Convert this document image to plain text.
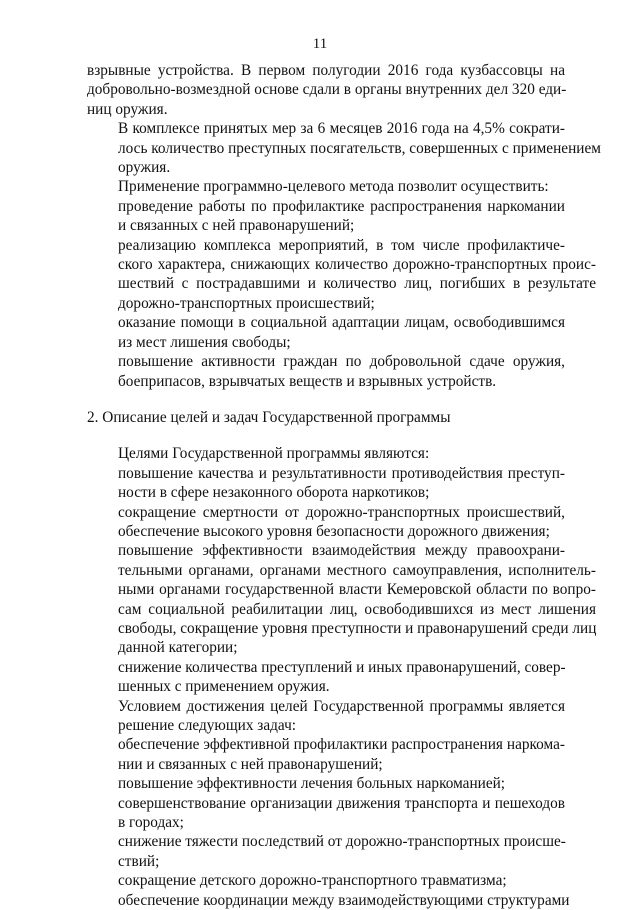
11
взрывные устройства. В первом полугодии 2016 года кузбассовцы на
добровольно-возмездной основе сдали в органы внутренних дел 320 еди-
ниц оружия.
В комплексе принятых мер за 6 месяцев 2016 года на 4,5% сократи-
лось количество преступных посягательств, совершенных с применением
оружия.
Применение программно-целевого метода позволит осуществить:
проведение работы по профилактике распространения наркомании
и связанных с ней правонарушений;
реализацию комплекса мероприятий, в том числе профилактиче-
ского характера, снижающих количество дорожно-транспортных проис-
шествий с пострадавшими и количество лиц, погибших в результате
дорожно-транспортных происшествий;
оказание помощи в социальной адаптации лицам, освободившимся
из мест лишения свободы;
повышение активности граждан по добровольной сдаче оружия,
боеприпасов, взрывчатых веществ и взрывных устройств.
2. Описание целей и задач Государственной программы
Целями Государственной программы являются:
повышение качества и результативности противодействия преступ-
ности в сфере незаконного оборота наркотиков;
сокращение смертности от дорожно-транспортных происшествий,
обеспечение высокого уровня безопасности дорожного движения;
повышение эффективности взаимодействия между правоохрани-
тельными органами, органами местного самоуправления, исполнитель-
ными органами государственной власти Кемеровской области по вопро-
сам социальной реабилитации лиц, освободившихся из мест лишения
свободы, сокращение уровня преступности и правонарушений среди лиц
данной категории;
снижение количества преступлений и иных правонарушений, совер-
шенных с применением оружия.
Условием достижения целей Государственной программы является
решение следующих задач:
обеспечение эффективной профилактики распространения наркома-
нии и связанных с ней правонарушений;
повышение эффективности лечения больных наркоманией;
совершенствование организации движения транспорта и пешеходов
в городах;
снижение тяжести последствий от дорожно-транспортных происше-
ствий;
сокращение детского дорожно-транспортного травматизма;
обеспечение координации между взаимодействующими структурами
